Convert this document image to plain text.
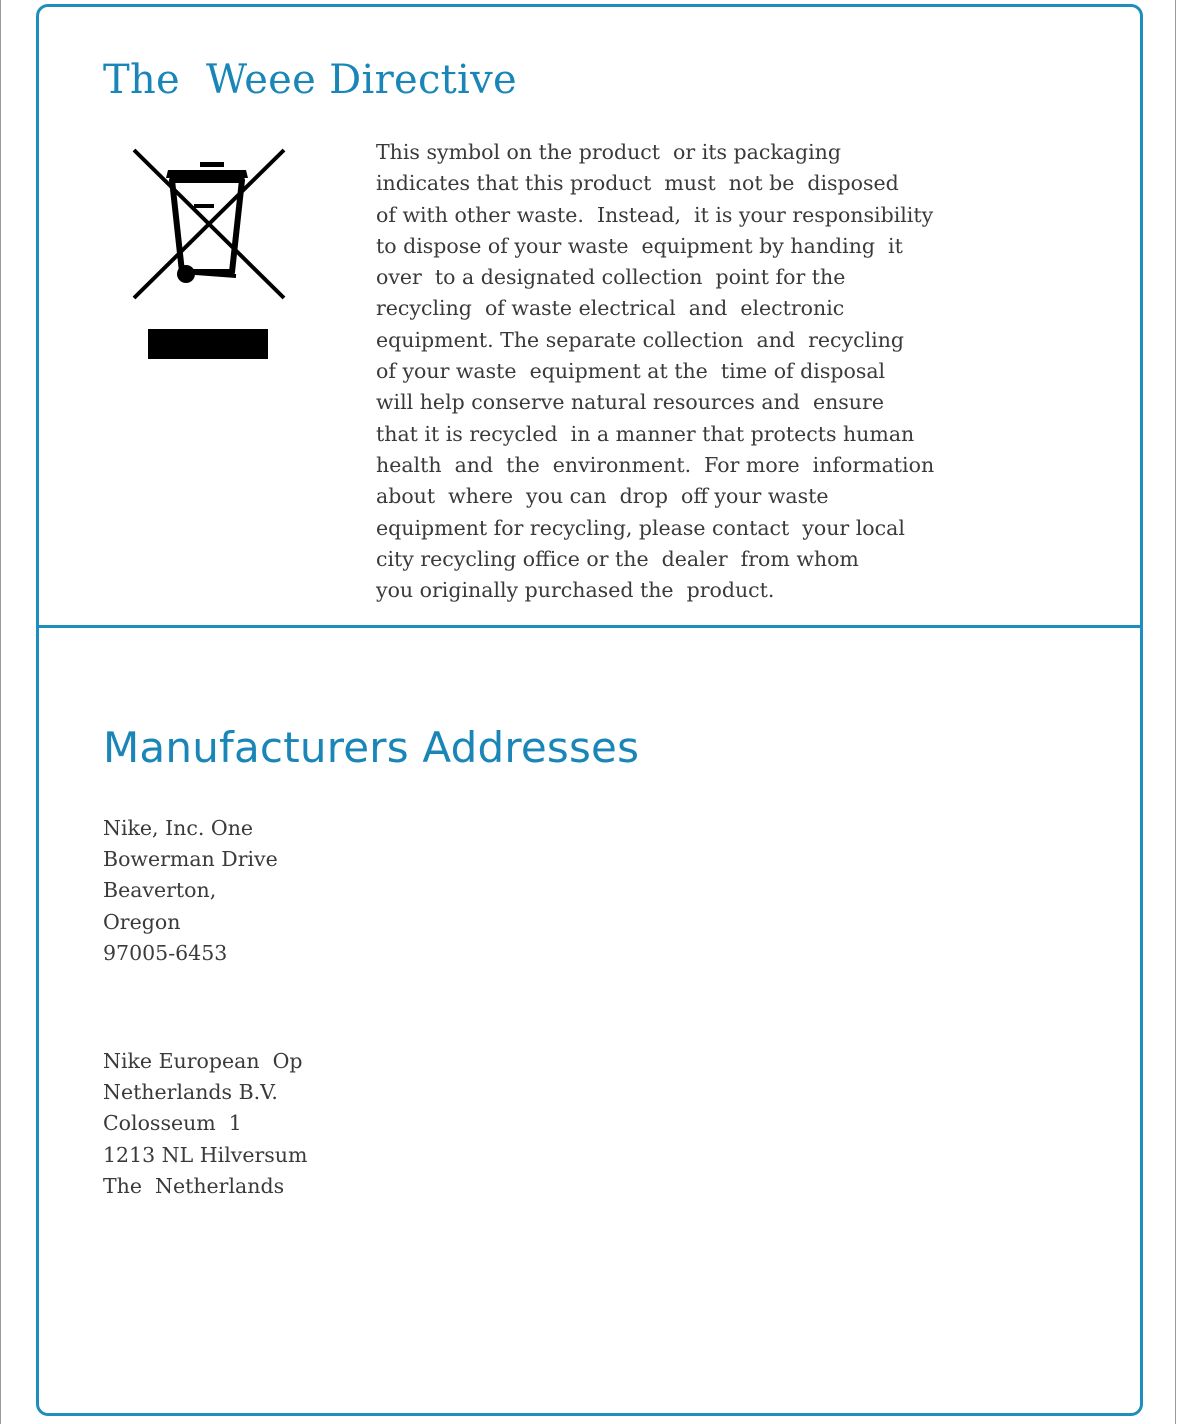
The  Weee Directive
This symbol on the product  or its packaging
indicates that this product  must  not be  disposed
of with other waste.  Instead,  it is your responsibility
to dispose of your waste  equipment by handing  it
over  to a designated collection  point for the
recycling  of waste electrical  and  electronic
equipment. The separate collection  and  recycling
of your waste  equipment at the  time of disposal
will help conserve natural resources and  ensure
that it is recycled  in a manner that protects human
health  and  the  environment.  For more  information
about  where  you can  drop  off your waste
equipment for recycling, please contact  your local
city recycling office or the  dealer  from whom
you originally purchased the  product.
Manufacturers Addresses
Nike, Inc. One
Bowerman Drive
Beaverton,
Oregon
97005-6453
Nike European  Op
Netherlands B.V.
Colosseum  1
1213 NL Hilversum
The  Netherlands
